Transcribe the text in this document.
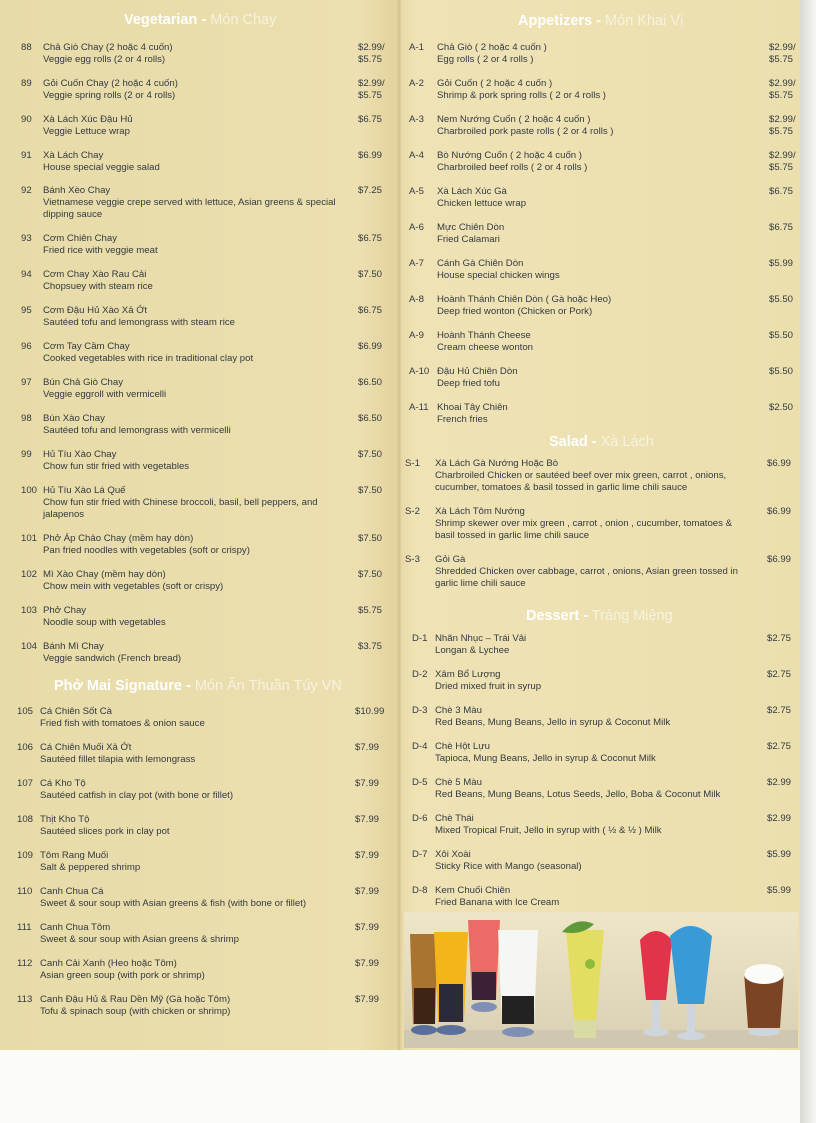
Vegetarian - Món Chay
Phở Mai Signature - Món Ăn Thuần Túy VN
Appetizers - Món Khai Vị
Salad - Xà Lách
Dessert - Tráng Miệng
88 Chả Giò Chay (2 hoặc 4 cuốn)
Veggie egg rolls (2 or 4 rolls)
$2.99/
$5.75
89 Gỏi Cuốn Chay (2 hoặc 4 cuốn)
Veggie spring rolls (2 or 4 rolls)
$2.99/
$5.75
90 Xà Lách Xúc Đậu Hủ
Veggie Lettuce wrap
$6.75
91 Xà Lách Chay
House special veggie salad
$6.99
92 Bánh Xèo Chay
Vietnamese veggie crepe served with lettuce, Asian greens & special dipping sauce
$7.25
93 Cơm Chiên Chay
Fried rice with veggie meat
$6.75
94 Cơm Chay Xào Rau Cải
Chopsuey with steam rice
$7.50
95 Cơm Đậu Hủ Xào Xả Ớt
Sautéed tofu and lemongrass with steam rice
$6.75
96 Cơm Tay Cầm Chay
Cooked vegetables with rice in traditional clay pot
$6.99
97 Bún Chả Giò Chay
Veggie eggroll with vermicelli
$6.50
98 Bún Xào Chay
Sautéed tofu and lemongrass with vermicelli
$6.50
99 Hủ Tíu Xào Chay
Chow fun stir fried with vegetables
$7.50
100 Hủ Tíu Xào Lá Quế
Chow fun stir fried with Chinese broccoli, basil, bell peppers, and jalapenos
$7.50
101 Phở Áp Chảo Chay (mềm hay dòn)
Pan fried noodles with vegetables (soft or crispy)
$7.50
102 Mì Xào Chay (mềm hay dòn)
Chow mein with vegetables (soft or crispy)
$7.50
103 Phở Chay
Noodle soup with vegetables
$5.75
104 Bánh Mì Chay
Veggie sandwich (French bread)
$3.75
105 Cá Chiên Sốt Cà
Fried fish with tomatoes & onion sauce
$10.99
106 Cá Chiên Muối Xả Ớt
Sautéed fillet tilapia with lemongrass
$7.99
107 Cá Kho Tộ
Sautéed catfish in clay pot (with bone or fillet)
$7.99
108 Thịt Kho Tộ
Sautéed slices pork in clay pot
$7.99
109 Tôm Rang Muối
Salt & peppered shrimp
$7.99
110 Canh Chua Cá
Sweet & sour soup with Asian greens & fish (with bone or fillet)
$7.99
111 Canh Chua Tôm
Sweet & sour soup with Asian greens & shrimp
$7.99
112 Canh Cải Xanh (Heo hoặc Tôm)
Asian green soup (with pork or shrimp)
$7.99
113 Canh Đậu Hủ & Rau Dền Mỹ (Gà hoặc Tôm)
Tofu & spinach soup (with chicken or shrimp)
$7.99
A-1 Chả Giò ( 2 hoặc 4 cuốn )
Egg rolls ( 2 or 4 rolls )
$2.99/
$5.75
A-2 Gỏi Cuốn ( 2 hoặc 4 cuốn )
Shrimp & pork spring rolls ( 2 or 4 rolls )
$2.99/
$5.75
A-3 Nem Nướng Cuốn ( 2 hoặc 4 cuốn )
Charbroiled pork paste rolls ( 2 or 4 rolls )
$2.99/
$5.75
A-4 Bò Nướng Cuốn ( 2 hoặc 4 cuốn )
Charbroiled beef rolls ( 2 or 4 rolls )
$2.99/
$5.75
A-5 Xà Lách Xúc Gà
Chicken lettuce wrap
$6.75
A-6 Mực Chiên Dòn
Fried Calamari
$6.75
A-7 Cánh Gà Chiên Dòn
House special chicken wings
$5.99
A-8 Hoành Thánh Chiên Dòn ( Gà hoặc Heo)
Deep fried wonton (Chicken or Pork)
$5.50
A-9 Hoành Thánh Cheese
Cream cheese wonton
$5.50
A-10 Đậu Hủ Chiên Dòn
Deep fried tofu
$5.50
A-11 Khoai Tây Chiên
French fries
$2.50
S-1 Xà Lách Gà Nướng Hoặc Bò
Charbroiled Chicken or sautéed beef over mix green, carrot , onions, cucumber, tomatoes & basil tossed in garlic lime chili sauce
$6.99
S-2 Xà Lách Tôm Nướng
Shrimp skewer over mix green , carrot , onion , cucumber, tomatoes & basil tossed in garlic lime chili sauce
$6.99
S-3 Gỏi Gà
Shredded Chicken over cabbage, carrot , onions, Asian green tossed in garlic lime chili sauce
$6.99
D-1 Nhãn Nhục – Trái Vải
Longan & Lychee
$2.75
D-2 Xâm Bổ Lượng
Dried mixed fruit in syrup
$2.75
D-3 Chè 3 Màu
Red Beans, Mung Beans, Jello in syrup & Coconut Milk
$2.75
D-4 Chè Hột Lựu
Tapioca, Mung Beans, Jello in syrup & Coconut Milk
$2.75
D-5 Chè 5 Màu
Red Beans, Mung Beans, Lotus Seeds, Jello, Boba & Coconut Milk
$2.99
D-6 Chè Thái
Mixed Tropical Fruit, Jello in syrup with ( ½ & ½ ) Milk
$2.99
D-7 Xôi Xoài
Sticky Rice with Mango (seasonal)
$5.99
D-8 Kem Chuối Chiên
Fried Banana with Ice Cream
$5.99
